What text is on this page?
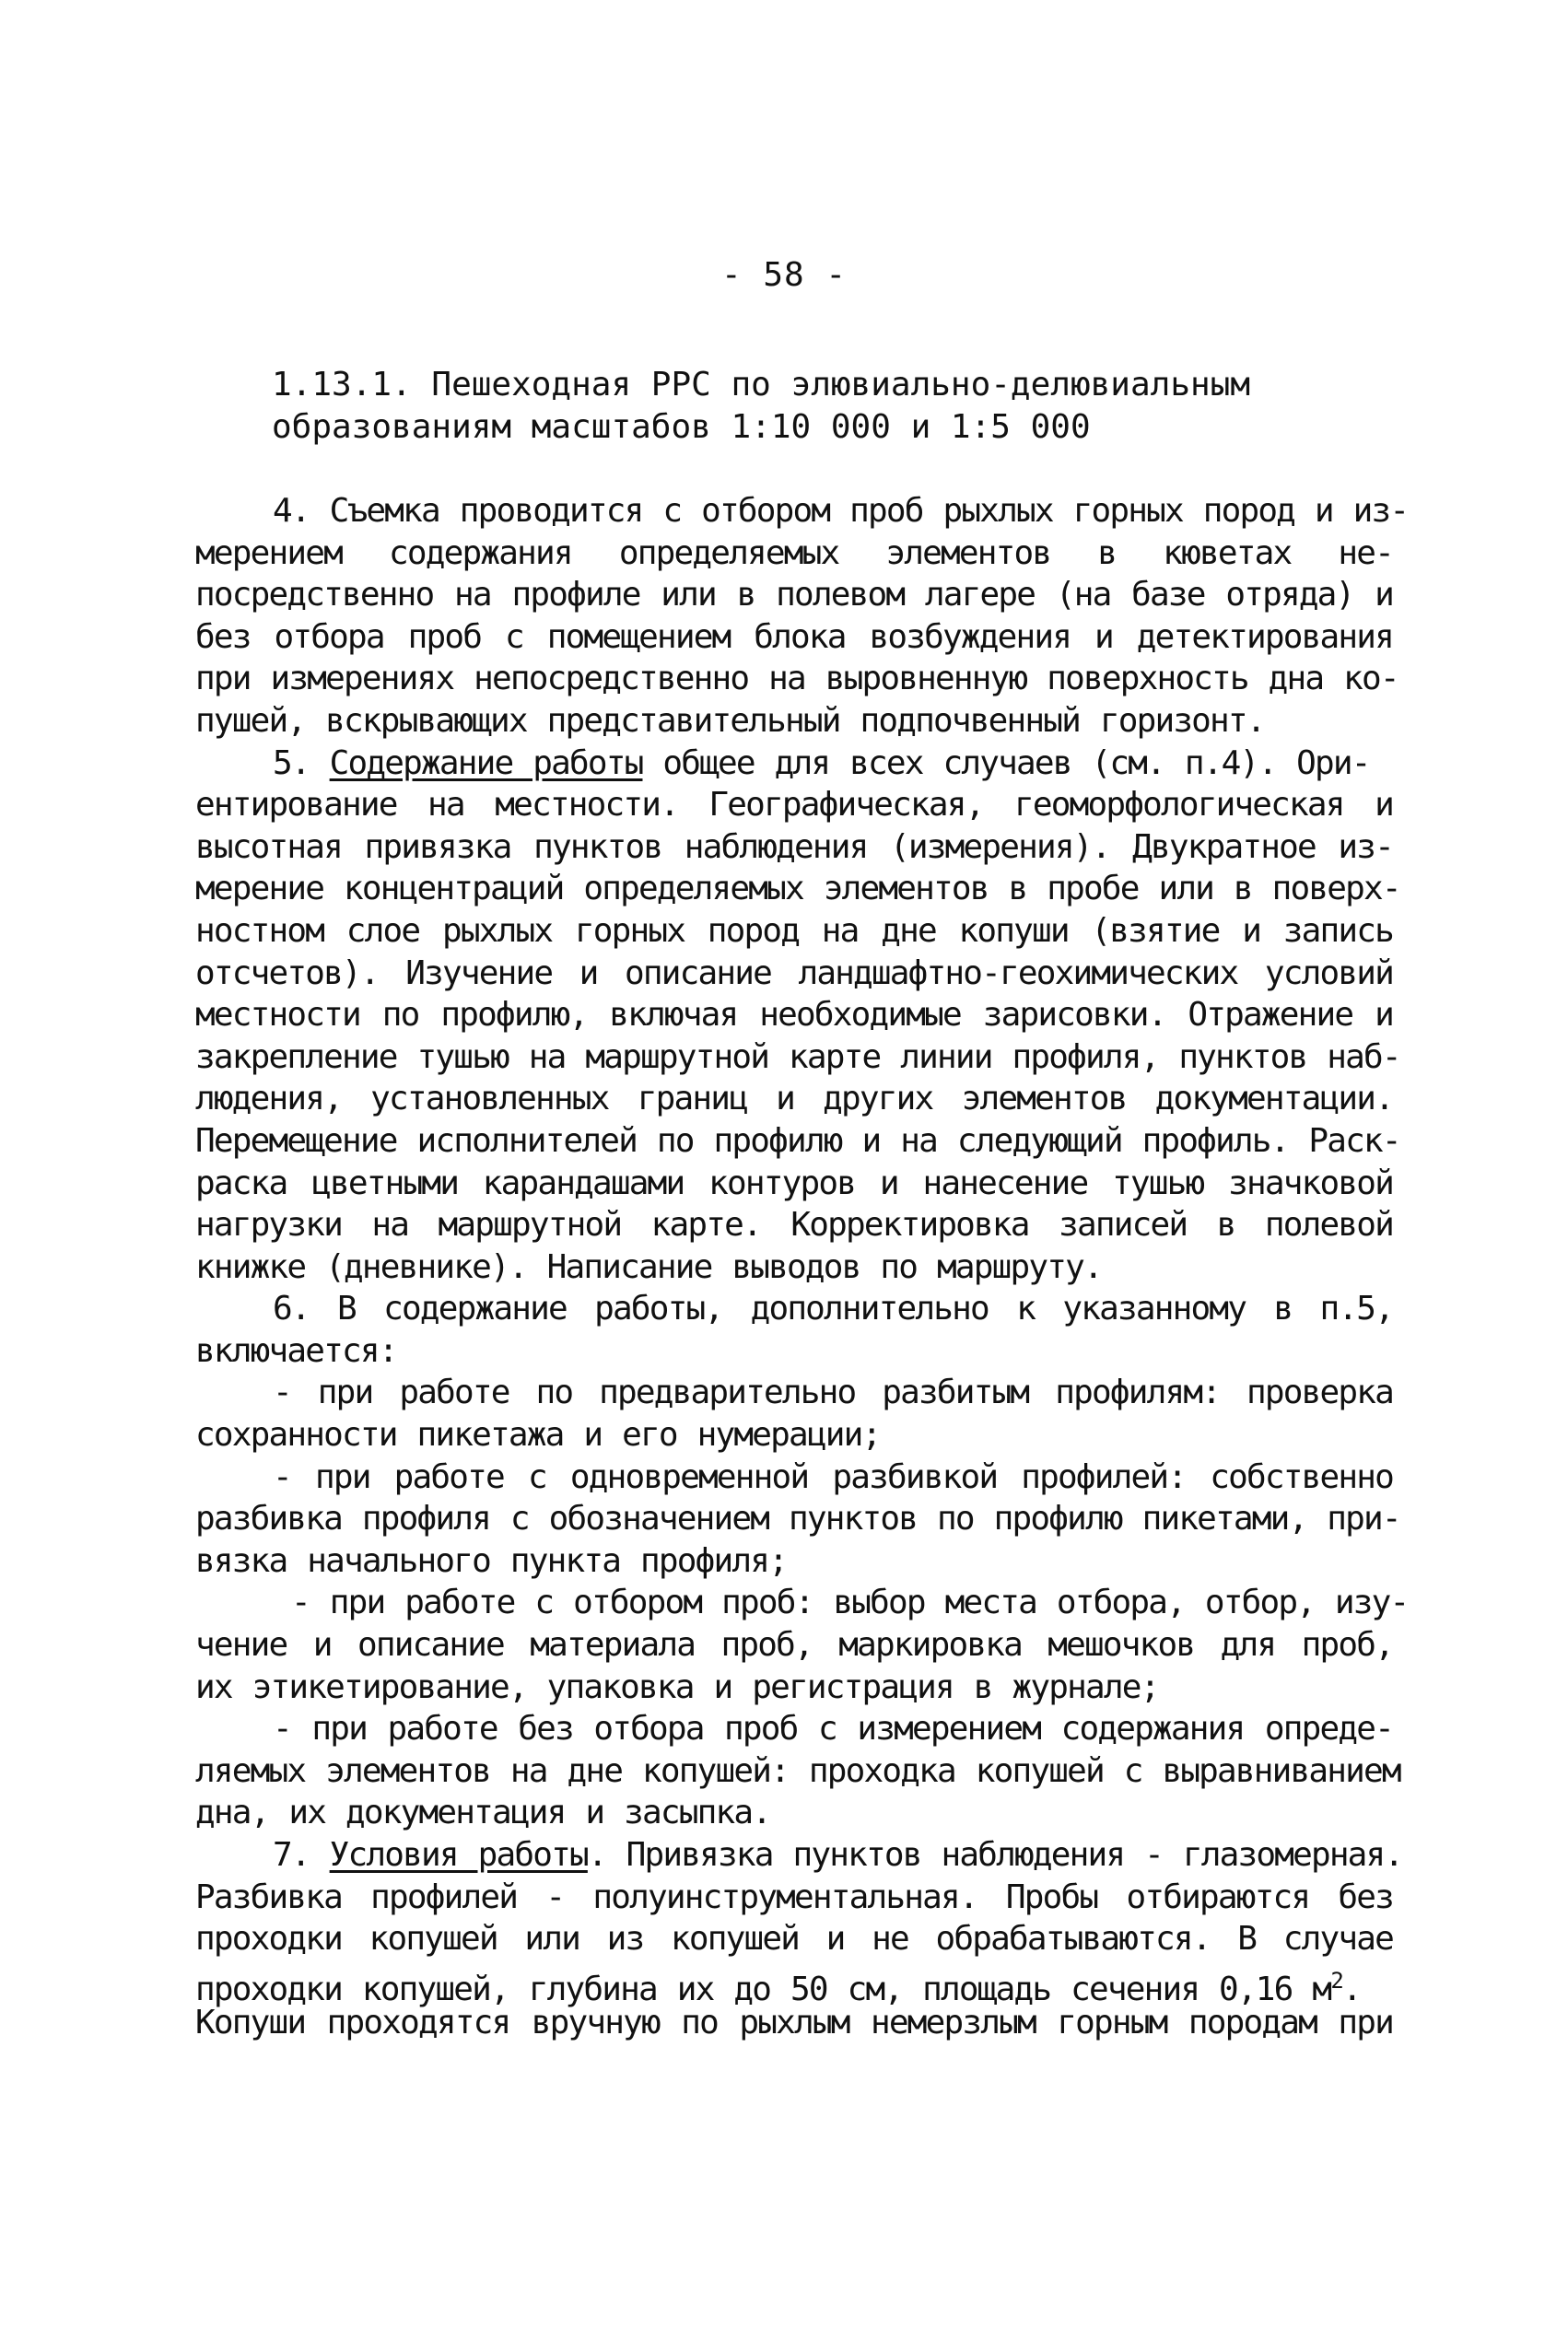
- 58 -
1.13.1. Пешеходная РРС по элювиально-делювиальным
образованиям масштабов 1:10 000 и 1:5 000
4. Съемка проводится с отбором проб рыхлых горных пород и из-
мерением содержания определяемых элементов в кюветах не-
посредственно на профиле или в полевом лагере (на базе отряда) и
без отбора проб с помещением блока возбуждения и детектирования
при измерениях непосредственно на выровненную поверхность дна ко-
пушей, вскрывающих представительный подпочвенный горизонт.
5. Содержание работы общее для всех случаев (см. п.4). Ори-
ентирование на местности. Географическая, геоморфологическая и
высотная привязка пунктов наблюдения (измерения). Двукратное из-
мерение концентраций определяемых элементов в пробе или в поверх-
ностном слое рыхлых горных пород на дне копуши (взятие и запись
отсчетов). Изучение и описание ландшафтно-геохимических условий
местности по профилю, включая необходимые зарисовки. Отражение и
закрепление тушью на маршрутной карте линии профиля, пунктов наб-
людения, установленных границ и других элементов документации.
Перемещение исполнителей по профилю и на следующий профиль. Раск-
раска цветными карандашами контуров и нанесение тушью значковой
нагрузки на маршрутной карте. Корректировка записей в полевой
книжке (дневнике). Написание выводов по маршруту.
6. В содержание работы, дополнительно к указанному в п.5,
включается:
- при работе по предварительно разбитым профилям: проверка
сохранности пикетажа и его нумерации;
- при работе с одновременной разбивкой профилей: собственно
разбивка профиля с обозначением пунктов по профилю пикетами, при-
вязка начального пункта профиля;
- при работе с отбором проб: выбор места отбора, отбор, изу-
чение и описание материала проб, маркировка мешочков для проб,
их этикетирование, упаковка и регистрация в журнале;
- при работе без отбора проб с измерением содержания опреде-
ляемых элементов на дне копушей: проходка копушей с выравниванием
дна, их документация и засыпка.
7. Условия работы. Привязка пунктов наблюдения - глазомерная.
Разбивка профилей - полуинструментальная. Пробы отбираются без
проходки копушей или из копушей и не обрабатываются. В случае
проходки копушей, глубина их до 50 см, площадь сечения 0,16 $м^2$.
Копуши проходятся вручную по рыхлым немерзлым горным породам при
